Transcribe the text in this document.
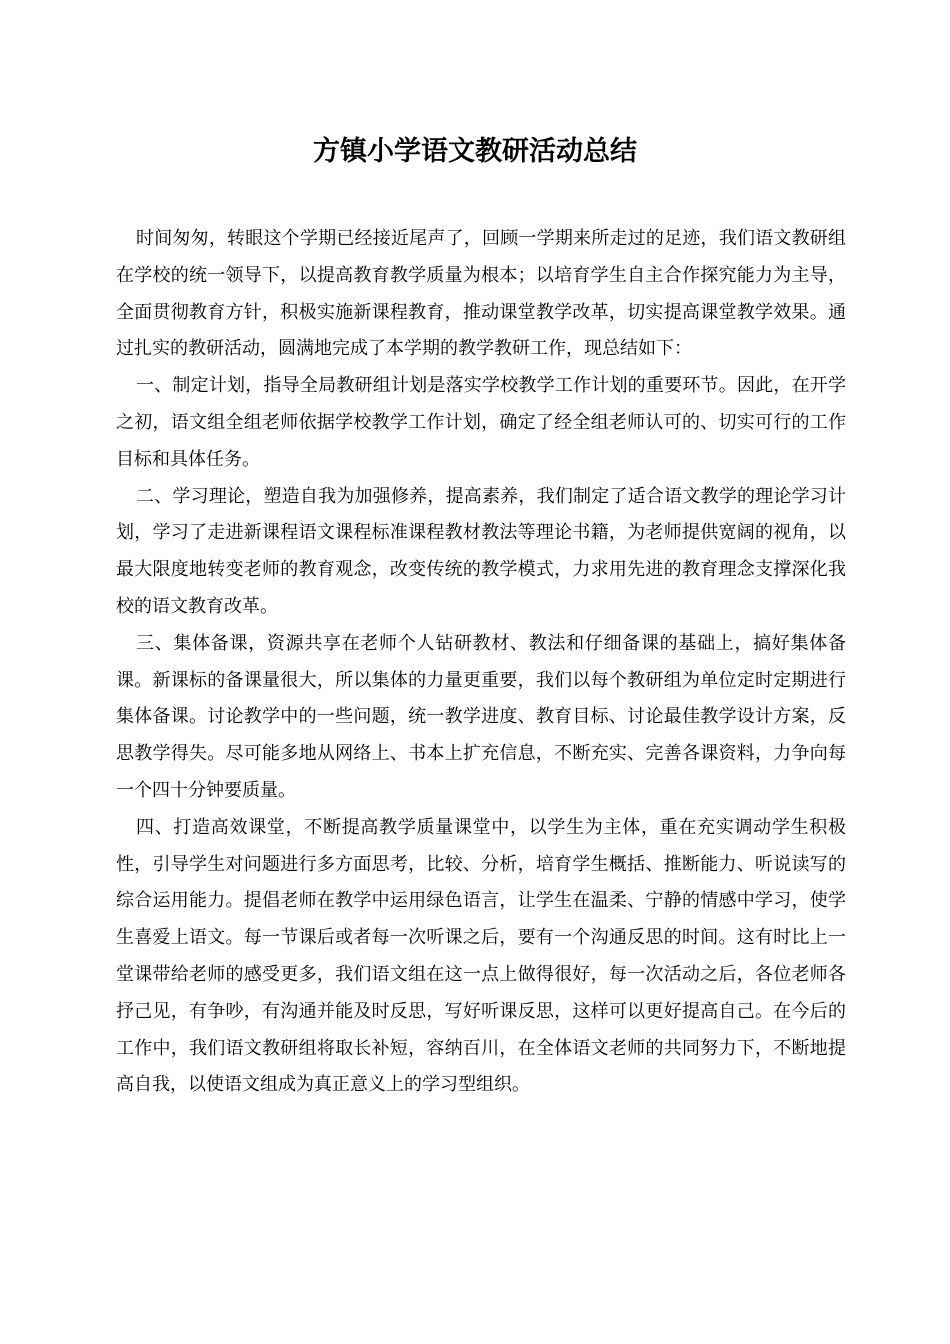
方镇小学语文教研活动总结

时间匆匆，转眼这个学期已经接近尾声了，回顾一学期来所走过的足迹，我们语文教研组在学校的统一领导下，以提高教育教学质量为根本；以培育学生自主合作探究能力为主导，全面贯彻教育方针，积极实施新课程教育，推动课堂教学改革，切实提高课堂教学效果。通过扎实的教研活动，圆满地完成了本学期的教学教研工作，现总结如下：

一、制定计划，指导全局教研组计划是落实学校教学工作计划的重要环节。因此，在开学之初，语文组全组老师依据学校教学工作计划，确定了经全组老师认可的、切实可行的工作目标和具体任务。

二、学习理论，塑造自我为加强修养，提高素养，我们制定了适合语文教学的理论学习计划，学习了走进新课程语文课程标准课程教材教法等理论书籍，为老师提供宽阔的视角，以最大限度地转变老师的教育观念，改变传统的教学模式，力求用先进的教育理念支撑深化我校的语文教育改革。

三、集体备课，资源共享在老师个人钻研教材、教法和仔细备课的基础上，搞好集体备课。新课标的备课量很大，所以集体的力量更重要，我们以每个教研组为单位定时定期进行集体备课。讨论教学中的一些问题，统一教学进度、教育目标、讨论最佳教学设计方案，反思教学得失。尽可能多地从网络上、书本上扩充信息，不断充实、完善各课资料，力争向每一个四十分钟要质量。

四、打造高效课堂，不断提高教学质量课堂中，以学生为主体，重在充实调动学生积极性，引导学生对问题进行多方面思考，比较、分析，培育学生概括、推断能力、听说读写的综合运用能力。提倡老师在教学中运用绿色语言，让学生在温柔、宁静的情感中学习，使学生喜爱上语文。每一节课后或者每一次听课之后，要有一个沟通反思的时间。这有时比上一堂课带给老师的感受更多，我们语文组在这一点上做得很好，每一次活动之后，各位老师各抒己见，有争吵，有沟通并能及时反思，写好听课反思，这样可以更好提高自己。在今后的工作中，我们语文教研组将取长补短，容纳百川，在全体语文老师的共同努力下，不断地提高自我，以使语文组成为真正意义上的学习型组织。
